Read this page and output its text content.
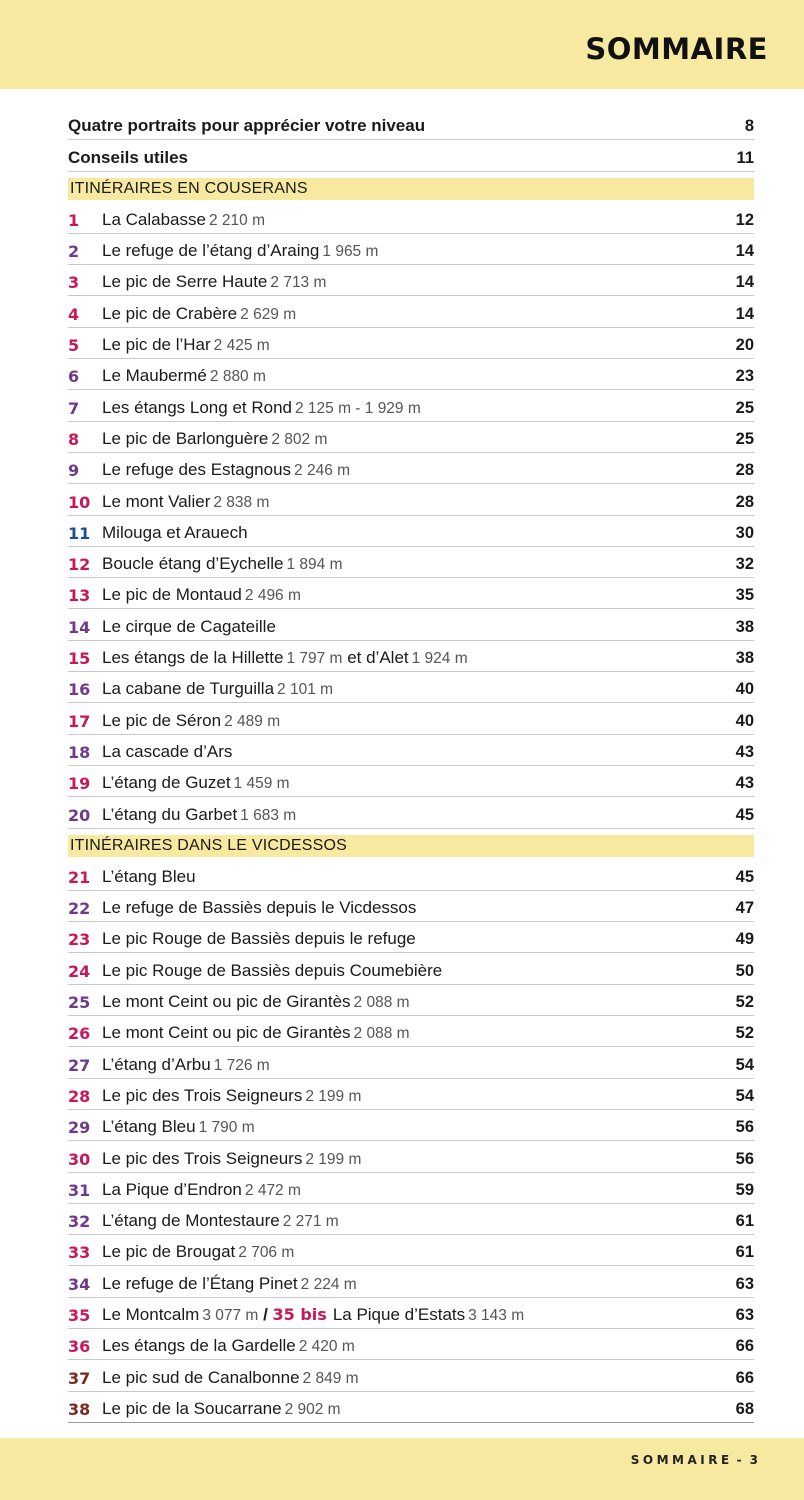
SOMMAIRE
Quatre portraits pour apprécier votre niveau	8
Conseils utiles	11
ITINÉRAIRES EN COUSERANS
1	La Calabasse 2 210 m	12
2	Le refuge de l’étang d’Araing 1 965 m	14
3	Le pic de Serre Haute 2 713 m	14
4	Le pic de Crabère 2 629 m	14
5	Le pic de l’Har 2 425 m	20
6	Le Maubermé 2 880 m	23
7	Les étangs Long et Rond 2 125 m - 1 929 m	25
8	Le pic de Barlonguère 2 802 m	25
9	Le refuge des Estagnous 2 246 m	28
10 Le mont Valier 2 838 m	28
11 Milouga et Arauech	30
12 Boucle étang d’Eychelle 1 894 m	32
13 Le pic de Montaud 2 496 m	35
14 Le cirque de Cagateille	38
15 Les étangs de la Hillette 1 797 m et d’Alet 1 924 m	38
16 La cabane de Turguilla 2 101 m	40
17 Le pic de Séron 2 489 m	40
18 La cascade d’Ars	43
19 L’étang de Guzet 1 459 m	43
20 L’étang du Garbet 1 683 m	45
ITINÉRAIRES DANS LE VICDESSOS
21 L’étang Bleu	45
22 Le refuge de Bassiès depuis le Vicdessos	47
23 Le pic Rouge de Bassiès depuis le refuge	49
24 Le pic Rouge de Bassiès depuis Coumebière	50
25 Le mont Ceint ou pic de Girantès 2 088 m	52
26 Le mont Ceint ou pic de Girantès 2 088 m	52
27 L’étang d’Arbu 1 726 m	54
28 Le pic des Trois Seigneurs 2 199 m	54
29 L’étang Bleu 1 790 m	56
30 Le pic des Trois Seigneurs 2 199 m	56
31 La Pique d’Endron 2 472 m	59
32 L’étang de Montestaure 2 271 m	61
33 Le pic de Brougat 2 706 m	61
34 Le refuge de l’Étang Pinet 2 224 m	63
35 Le Montcalm 3 077 m / 35 bis La Pique d’Estats 3 143 m	63
36 Les étangs de la Gardelle 2 420 m	66
37 Le pic sud de Canalbonne 2 849 m	66
38 Le pic de la Soucarrane 2 902 m	68
SOMMAIRE - 3
